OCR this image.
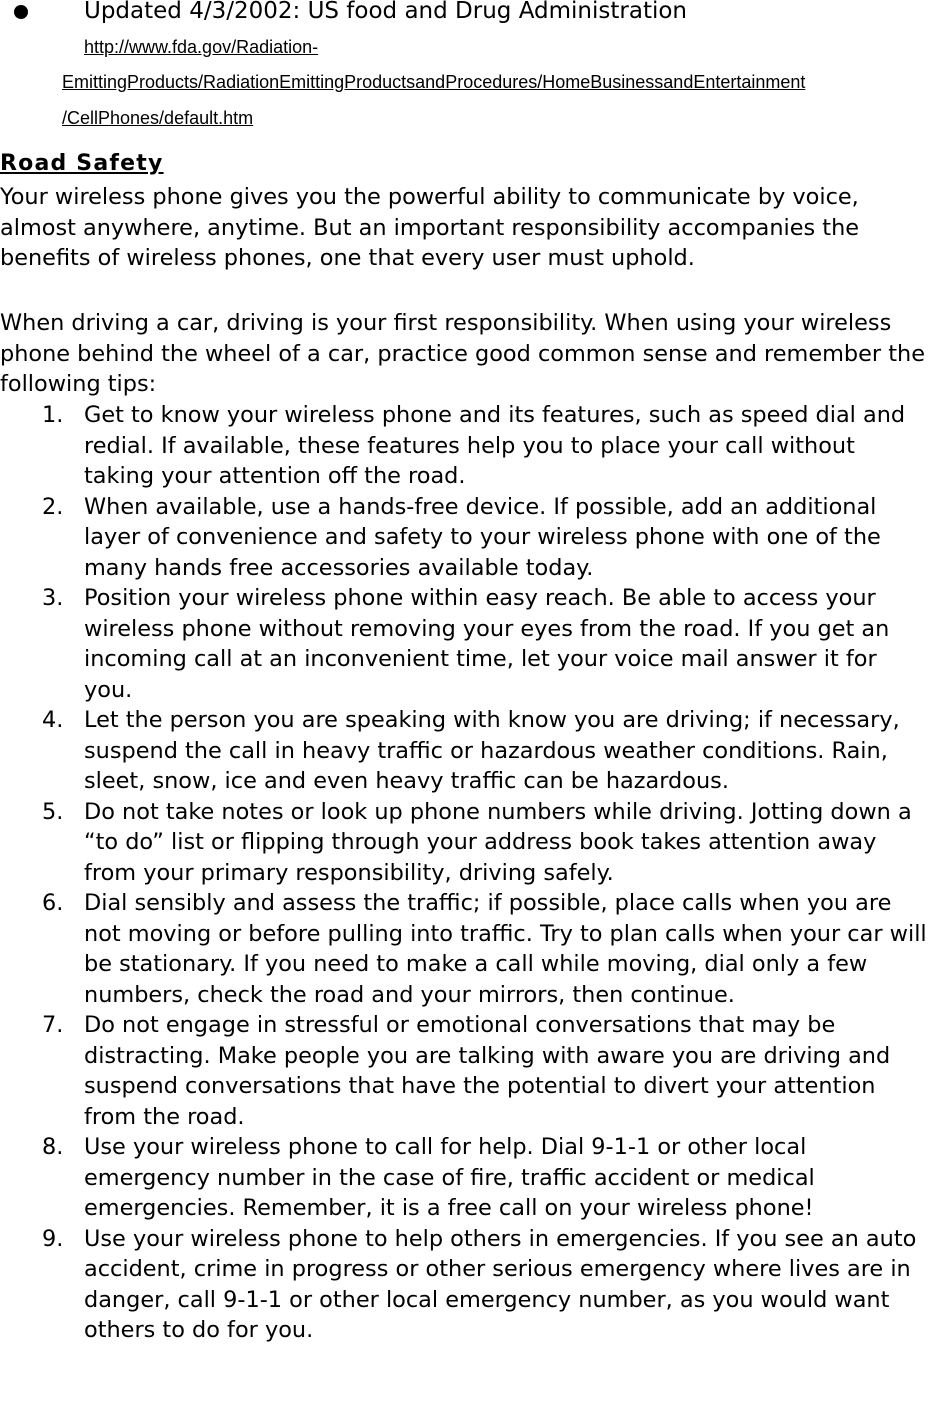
Updated 4/3/2002: US food and Drug Administration
http://www.fda.gov/Radiation-
EmittingProducts/RadiationEmittingProductsandProcedures/HomeBusinessandEntertainment
/CellPhones/default.htm
Road Safety

Your wireless phone gives you the powerful ability to communicate by voice, almost anywhere, anytime. But an important responsibility accompanies the benefits of wireless phones, one that every user must uphold.

When driving a car, driving is your first responsibility. When using your wireless phone behind the wheel of a car, practice good common sense and remember the following tips:

1. Get to know your wireless phone and its features, such as speed dial and redial. If available, these features help you to place your call without taking your attention off the road.
2. When available, use a hands-free device. If possible, add an additional layer of convenience and safety to your wireless phone with one of the many hands free accessories available today.
3. Position your wireless phone within easy reach. Be able to access your wireless phone without removing your eyes from the road. If you get an incoming call at an inconvenient time, let your voice mail answer it for you.
4. Let the person you are speaking with know you are driving; if necessary, suspend the call in heavy traffic or hazardous weather conditions. Rain, sleet, snow, ice and even heavy traffic can be hazardous.
5. Do not take notes or look up phone numbers while driving. Jotting down a “to do” list or flipping through your address book takes attention away from your primary responsibility, driving safely.
6. Dial sensibly and assess the traffic; if possible, place calls when you are not moving or before pulling into traffic. Try to plan calls when your car will be stationary. If you need to make a call while moving, dial only a few numbers, check the road and your mirrors, then continue.
7. Do not engage in stressful or emotional conversations that may be distracting. Make people you are talking with aware you are driving and suspend conversations that have the potential to divert your attention from the road.
8. Use your wireless phone to call for help. Dial 9-1-1 or other local emergency number in the case of fire, traffic accident or medical emergencies. Remember, it is a free call on your wireless phone!
9. Use your wireless phone to help others in emergencies. If you see an auto accident, crime in progress or other serious emergency where lives are in danger, call 9-1-1 or other local emergency number, as you would want others to do for you.
